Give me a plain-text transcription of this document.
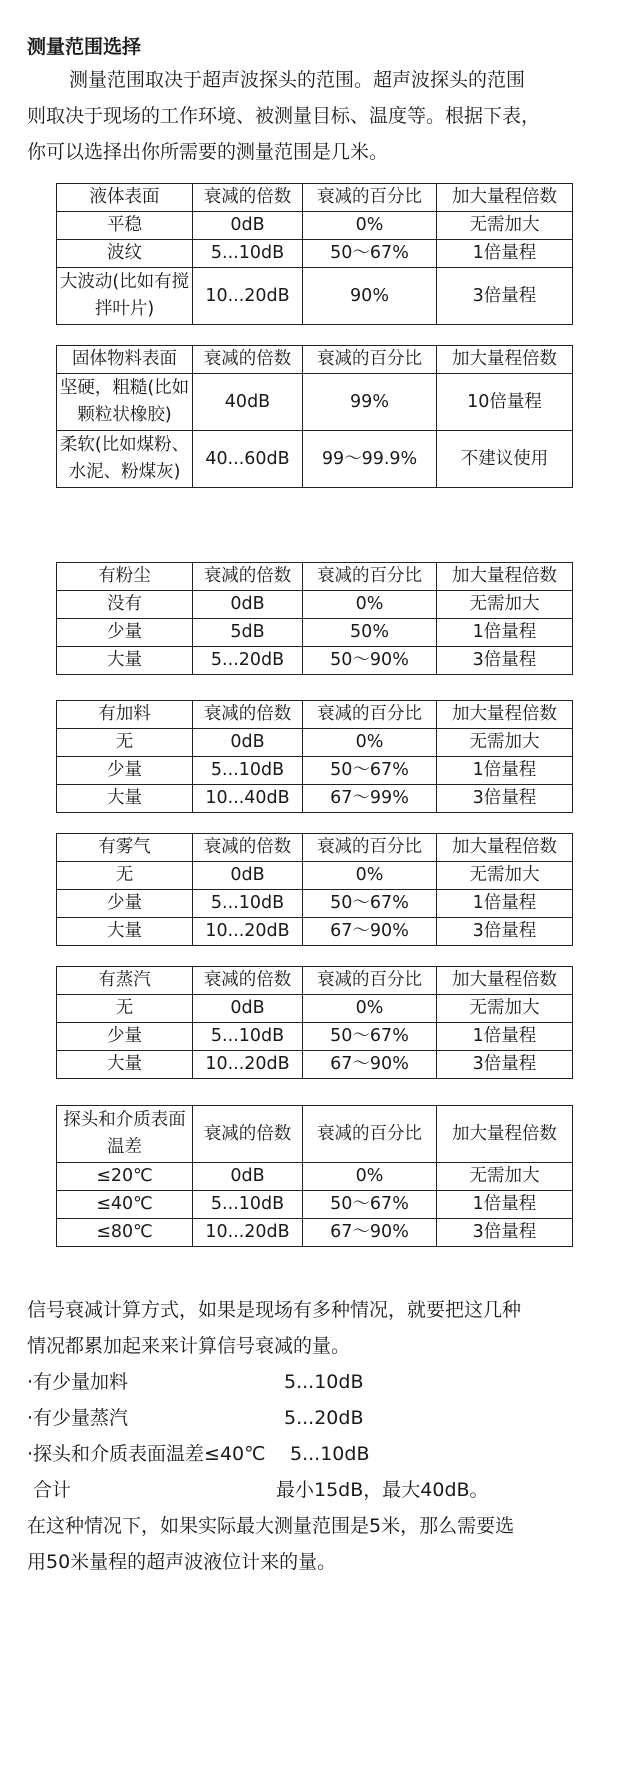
测量范围选择
测量范围取决于超声波探头的范围。超声波探头的范围
则取决于现场的工作环境、被测量目标、温度等。根据下表，
你可以选择出你所需要的测量范围是几米。
液体表面	衰减的倍数	衰减的百分比	加大量程倍数
平稳	0dB	0%	无需加大
波纹	5...10dB	50～67%	1倍量程
大波动(比如有搅拌叶片)	10...20dB	90%	3倍量程
固体物料表面	衰减的倍数	衰减的百分比	加大量程倍数
坚硬，粗糙(比如颗粒状橡胶)	40dB	99%	10倍量程
柔软(比如煤粉、水泥、粉煤灰)	40...60dB	99～99.9%	不建议使用
有粉尘	衰减的倍数	衰减的百分比	加大量程倍数
没有	0dB	0%	无需加大
少量	5dB	50%	1倍量程
大量	5...20dB	50～90%	3倍量程
有加料	衰减的倍数	衰减的百分比	加大量程倍数
无	0dB	0%	无需加大
少量	5...10dB	50～67%	1倍量程
大量	10...40dB	67～99%	3倍量程
有雾气	衰减的倍数	衰减的百分比	加大量程倍数
无	0dB	0%	无需加大
少量	5...10dB	50～67%	1倍量程
大量	10...20dB	67～90%	3倍量程
有蒸汽	衰减的倍数	衰减的百分比	加大量程倍数
无	0dB	0%	无需加大
少量	5...10dB	50～67%	1倍量程
大量	10...20dB	67～90%	3倍量程
探头和介质表面温差	衰减的倍数	衰减的百分比	加大量程倍数
≤20℃	0dB	0%	无需加大
≤40℃	5...10dB	50～67%	1倍量程
≤80℃	10...20dB	67～90%	3倍量程
信号衰减计算方式，如果是现场有多种情况，就要把这几种
情况都累加起来来计算信号衰减的量。
·有少量加料	5...10dB
·有少量蒸汽	5...20dB
·探头和介质表面温差≤40℃ 5...10dB
合计	最小15dB，最大40dB。
在这种情况下，如果实际最大测量范围是5米，那么需要选
用50米量程的超声波液位计来的量。
